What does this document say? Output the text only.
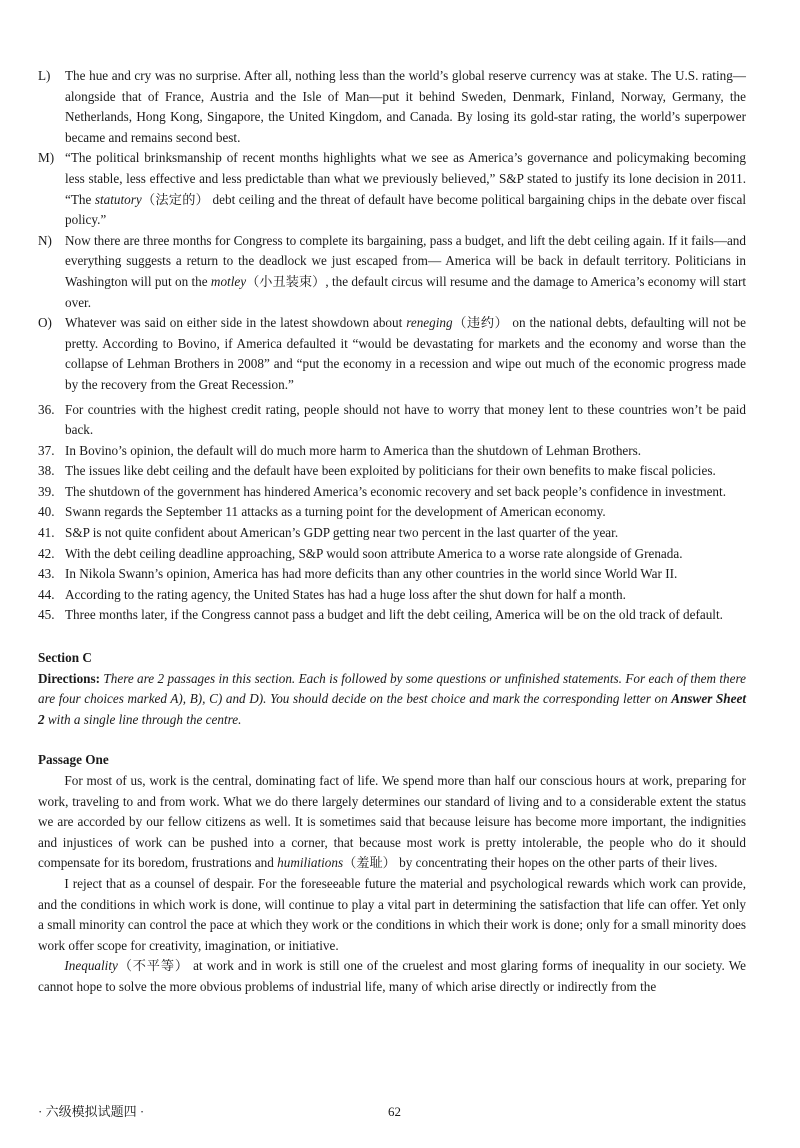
L) The hue and cry was no surprise. After all, nothing less than the world’s global reserve currency was at stake. The U.S. rating—alongside that of France, Austria and the Isle of Man—put it behind Sweden, Denmark, Finland, Norway, Germany, the Netherlands, Hong Kong, Singapore, the United Kingdom, and Canada. By losing its gold-star rating, the world’s superpower became and remains second best.
M) “The political brinksmanship of recent months highlights what we see as America’s governance and policymaking becoming less stable, less effective and less predictable than what we previously believed,” S&P stated to justify its lone decision in 2011. “The statutory（法定的） debt ceiling and the threat of default have become political bargaining chips in the debate over fiscal policy.”
N) Now there are three months for Congress to complete its bargaining, pass a budget, and lift the debt ceiling again. If it fails—and everything suggests a return to the deadlock we just escaped from— America will be back in default territory. Politicians in Washington will put on the motley（小丑装束）, the default circus will resume and the damage to America’s economy will start over.
O) Whatever was said on either side in the latest showdown about reneging（违约） on the national debts, defaulting will not be pretty. According to Bovino, if America defaulted it “would be devastating for markets and the economy and worse than the collapse of Lehman Brothers in 2008” and “put the economy in a recession and wipe out much of the economic progress made by the recovery from the Great Recession.”
36. For countries with the highest credit rating, people should not have to worry that money lent to these countries won’t be paid back.
37. In Bovino’s opinion, the default will do much more harm to America than the shutdown of Lehman Brothers.
38. The issues like debt ceiling and the default have been exploited by politicians for their own benefits to make fiscal policies.
39. The shutdown of the government has hindered America’s economic recovery and set back people’s confidence in investment.
40. Swann regards the September 11 attacks as a turning point for the development of American economy.
41. S&P is not quite confident about American’s GDP getting near two percent in the last quarter of the year.
42. With the debt ceiling deadline approaching, S&P would soon attribute America to a worse rate alongside of Grenada.
43. In Nikola Swann’s opinion, America has had more deficits than any other countries in the world since World War II.
44. According to the rating agency, the United States has had a huge loss after the shut down for half a month.
45. Three months later, if the Congress cannot pass a budget and lift the debt ceiling, America will be on the old track of default.
Section C
Directions: There are 2 passages in this section. Each is followed by some questions or unfinished statements. For each of them there are four choices marked A), B), C) and D). You should decide on the best choice and mark the corresponding letter on Answer Sheet 2 with a single line through the centre.
Passage One
For most of us, work is the central, dominating fact of life. We spend more than half our conscious hours at work, preparing for work, traveling to and from work. What we do there largely determines our standard of living and to a considerable extent the status we are accorded by our fellow citizens as well. It is sometimes said that because leisure has become more important, the indignities and injustices of work can be pushed into a corner, that because most work is pretty intolerable, the people who do it should compensate for its boredom, frustrations and humiliations（羞耻） by concentrating their hopes on the other parts of their lives.
I reject that as a counsel of despair. For the foreseeable future the material and psychological rewards which work can provide, and the conditions in which work is done, will continue to play a vital part in determining the satisfaction that life can offer. Yet only a small minority can control the pace at which they work or the conditions in which their work is done; only for a small minority does work offer scope for creativity, imagination, or initiative.
Inequality（不平等） at work and in work is still one of the cruelest and most glaring forms of inequality in our society. We cannot hope to solve the more obvious problems of industrial life, many of which arise directly or indirectly from the
· 六级模拟试题四 ·	62
